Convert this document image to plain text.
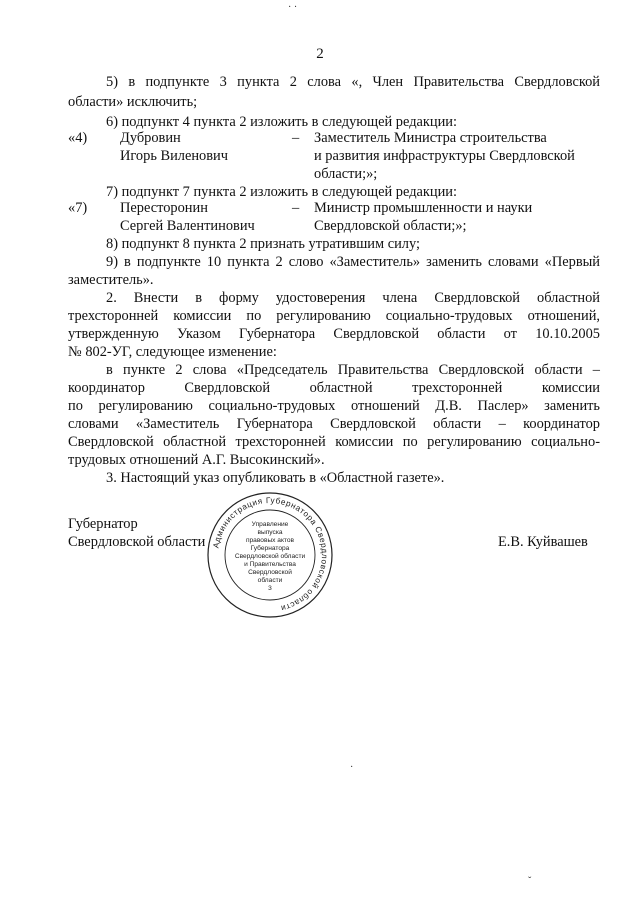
· ·
2
5) в подпункте 3 пункта 2 слова «, Член Правительства Свердловской
области» исключить;
6) подпункт 4 пункта 2 изложить в следующей редакции:
«4) Дубровин
Игорь Виленович
– Заместитель Министра строительства
и развития инфраструктуры Свердловской
области;»;
7) подпункт 7 пункта 2 изложить в следующей редакции:
«7) Пересторонин
Сергей Валентинович
– Министр промышленности и науки
Свердловской области;»;
8) подпункт 8 пункта 2 признать утратившим силу;
9) в подпункте 10 пункта 2 слово «Заместитель» заменить словами «Первый
заместитель».
2. Внести в форму удостоверения члена Свердловской областной
трехсторонней комиссии по регулированию социально-трудовых отношений,
утвержденную Указом Губернатора Свердловской области от 10.10.2005
№ 802-УГ, следующее изменение:
в пункте 2 слова «Председатель Правительства Свердловской области –
координатор Свердловской областной трехсторонней комиссии
по регулированию социально-трудовых отношений Д.В. Паслер» заменить
словами «Заместитель Губернатора Свердловской области – координатор
Свердловской областной трехсторонней комиссии по регулированию социально-
трудовых отношений А.Г. Высокинский».
3. Настоящий указ опубликовать в «Областной газете».
Губернатор
Свердловской области	Е.В. Куйвашев
Администрация Губернатора Свердловской области
Управление
выпуска
правовых актов
Губернатора
Свердловской области
и Правительства
Свердловской
области
3
·
ˇ
